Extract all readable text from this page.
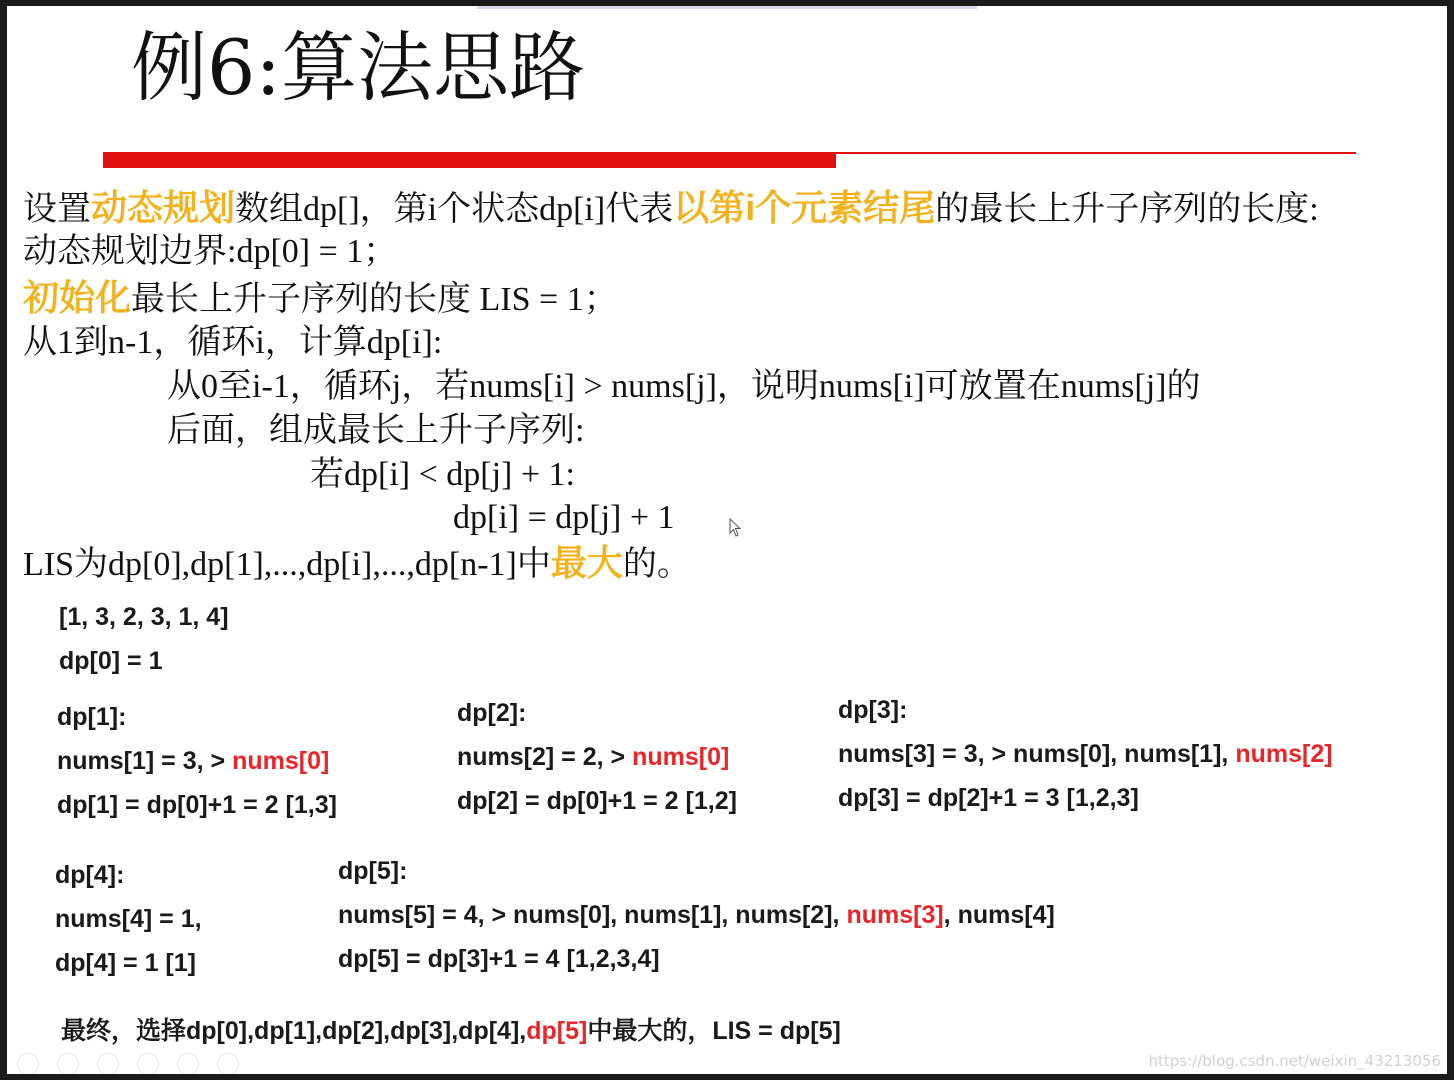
例6:算法思路
设置动态规划数组dp[]，第i个状态dp[i]代表以第i个元素结尾的最长上升子序列的长度:
动态规划边界:dp[0] = 1；
初始化最长上升子序列的长度 LIS = 1；
从1到n-1，循环i，计算dp[i]:
从0至i-1，循环j，若nums[i] > nums[j]，说明nums[i]可放置在nums[j]的
后面，组成最长上升子序列:
若dp[i] < dp[j] + 1:
dp[i] = dp[j] + 1
LIS为dp[0],dp[1],...,dp[i],...,dp[n-1]中最大的。
[1, 3, 2, 3, 1, 4]
dp[0] = 1
dp[1]:
nums[1] = 3, > nums[0]
dp[1] = dp[0]+1 = 2 [1,3]
dp[2]:
nums[2] = 2, > nums[0]
dp[2] = dp[0]+1 = 2 [1,2]
dp[3]:
nums[3] = 3, > nums[0], nums[1], nums[2]
dp[3] = dp[2]+1 = 3 [1,2,3]
dp[4]:
nums[4] = 1,
dp[4] = 1 [1]
dp[5]:
nums[5] = 4, > nums[0], nums[1], nums[2], nums[3], nums[4]
dp[5] = dp[3]+1 = 4 [1,2,3,4]
最终，选择dp[0],dp[1],dp[2],dp[3],dp[4],dp[5]中最大的，LIS = dp[5]
https://blog.csdn.net/weixin_43213056
